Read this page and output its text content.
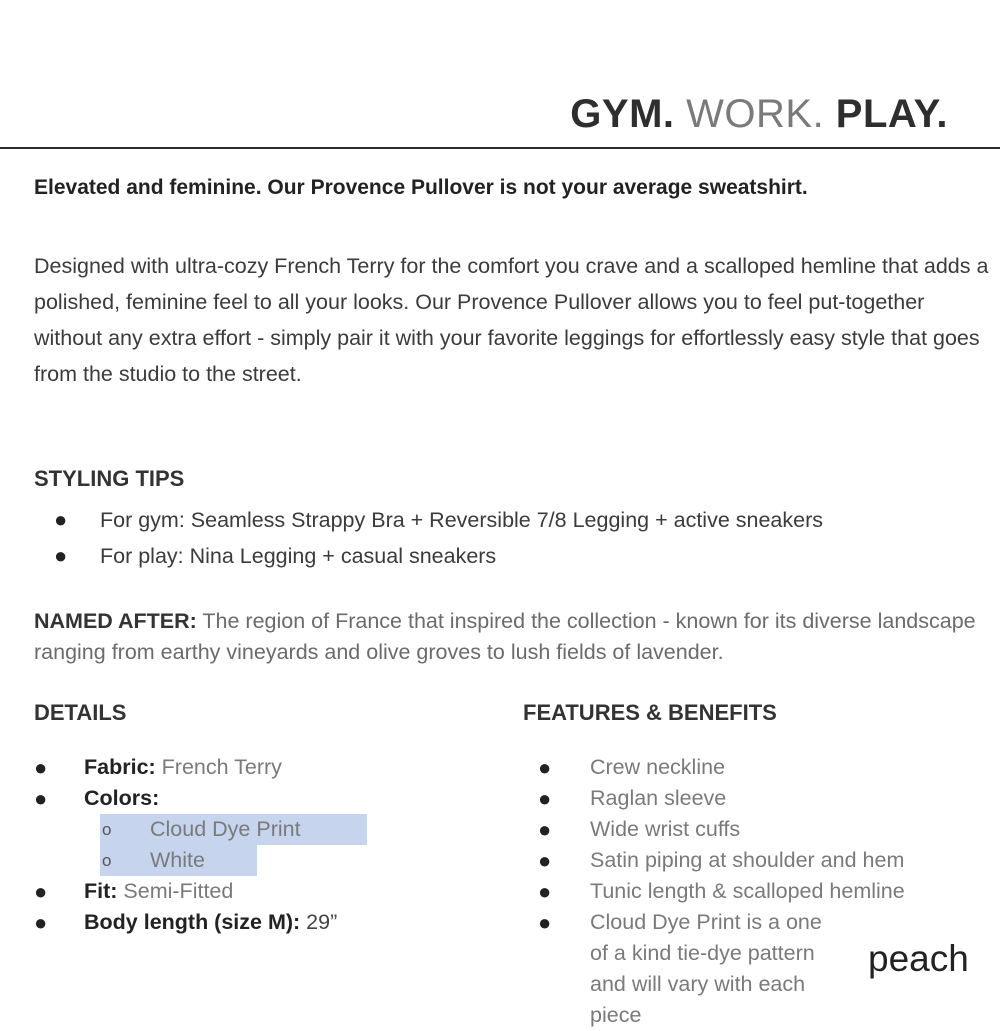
GYM. WORK. PLAY.

Elevated and feminine. Our Provence Pullover is not your average sweatshirt.

Designed with ultra-cozy French Terry for the comfort you crave and a scalloped hemline that adds a polished, feminine feel to all your looks. Our Provence Pullover allows you to feel put-together without any extra effort - simply pair it with your favorite leggings for effortlessly easy style that goes from the studio to the street.

STYLING TIPS
● For gym: Seamless Strappy Bra + Reversible 7/8 Legging + active sneakers
● For play: Nina Legging + casual sneakers

NAMED AFTER: The region of France that inspired the collection - known for its diverse landscape ranging from earthy vineyards and olive groves to lush fields of lavender.

DETAILS	FEATURES & BENEFITS
● Fabric: French Terry
● Colors:
o Cloud Dye Print
o White
● Fit: Semi-Fitted
● Body length (size M): 29”
● Crew neckline
● Raglan sleeve
● Wide wrist cuffs
● Satin piping at shoulder and hem
● Tunic length & scalloped hemline
● Cloud Dye Print is a one of a kind tie-dye pattern and will vary with each piece

peach
